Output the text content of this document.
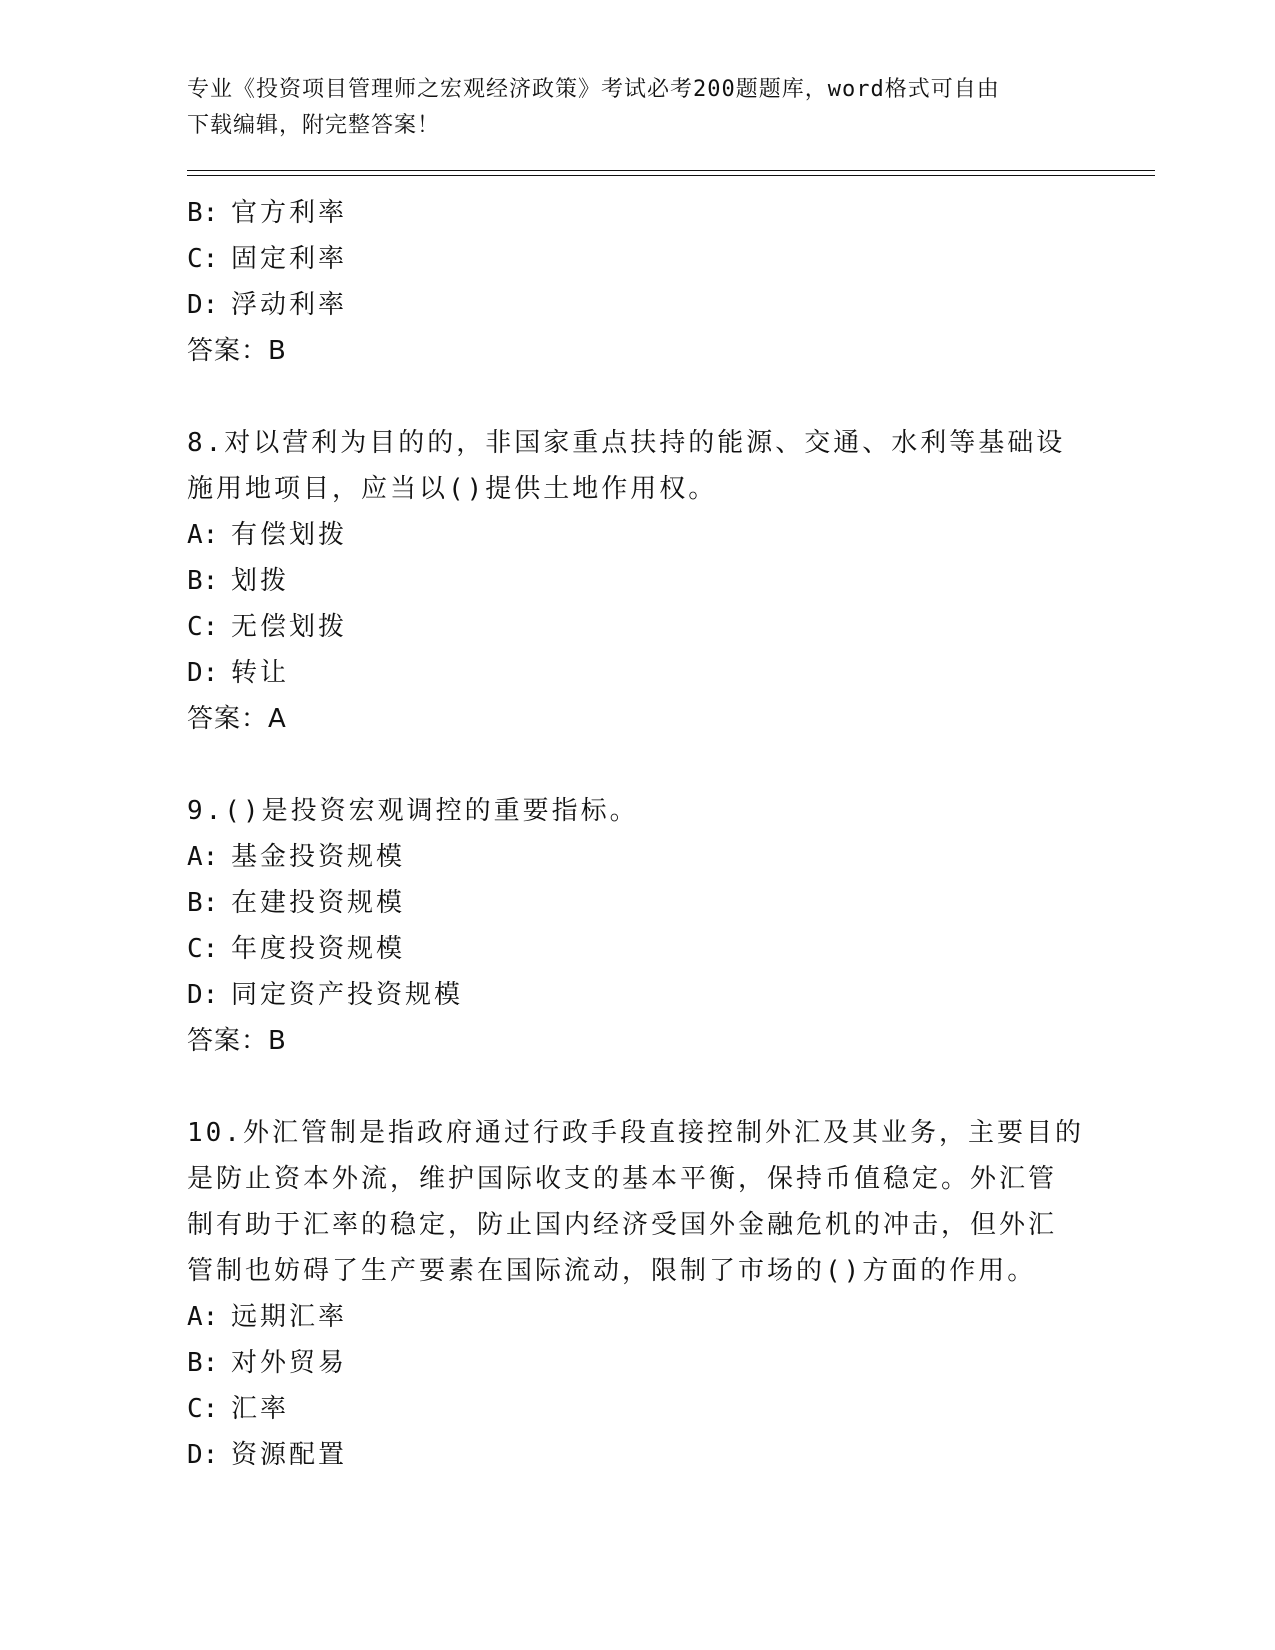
专业《投资项目管理师之宏观经济政策》考试必考200题题库，word格式可自由
下载编辑，附完整答案！
B: 官方利率
C: 固定利率
D: 浮动利率
答案：B
8.对以营利为目的的，非国家重点扶持的能源、交通、水利等基础设
施用地项目，应当以()提供土地作用权。
A: 有偿划拨
B: 划拨
C: 无偿划拨
D: 转让
答案：A
9.()是投资宏观调控的重要指标。
A: 基金投资规模
B: 在建投资规模
C: 年度投资规模
D: 同定资产投资规模
答案：B
10.外汇管制是指政府通过行政手段直接控制外汇及其业务，主要目的
是防止资本外流，维护国际收支的基本平衡，保持币值稳定。外汇管
制有助于汇率的稳定，防止国内经济受国外金融危机的冲击，但外汇
管制也妨碍了生产要素在国际流动，限制了市场的()方面的作用。
A: 远期汇率
B: 对外贸易
C: 汇率
D: 资源配置
